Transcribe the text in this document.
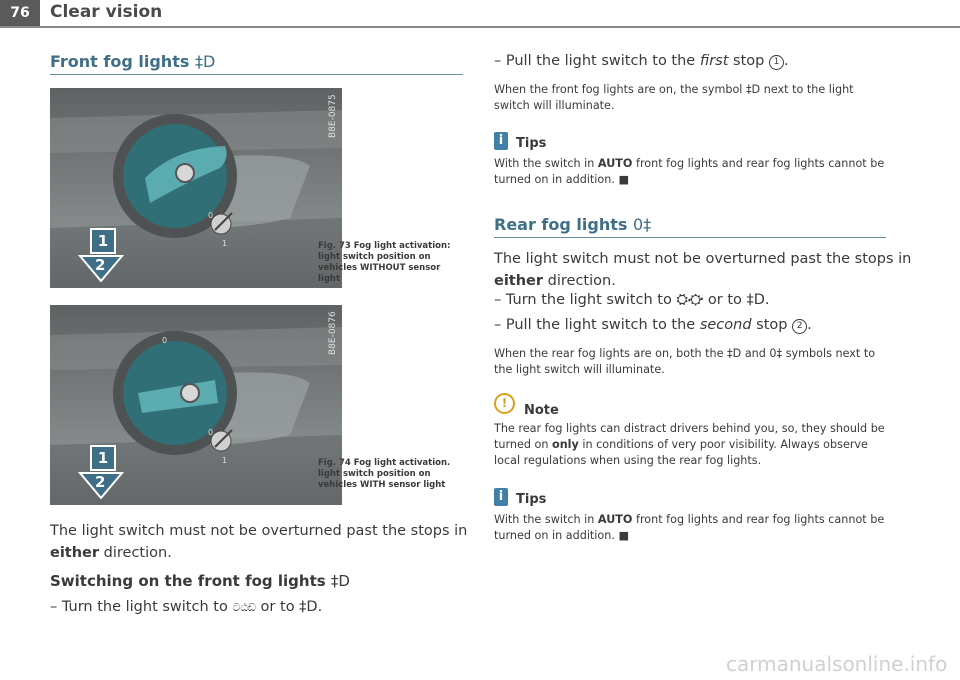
76	Clear vision
Front fog lights ‡D
0
1
1
2
B8E-0875
Fig. 73 Fog light activation: light switch position on vehicles WITHOUT sensor light
0
0
1
1
2
B8E-0876
Fig. 74 Fog light activation. light switch position on vehicles WITH sensor light
The light switch must not be overturned past the stops in
either direction.
Switching on the front fog lights ‡D
– Turn the light switch to ටඨඩ or to ‡D.
– Pull the light switch to the first stop 1 .
When the front fog lights are on, the symbol ‡D next to the light switch will illuminate.
i Tips
With the switch in AUTO front fog lights and rear fog lights cannot be turned on in addition. ■
Rear fog lights 0‡
The light switch must not be overturned past the stops in
either direction.
– Turn the light switch to ⛭⛮ or to ‡D.
– Pull the light switch to the second stop 2 .
When the rear fog lights are on, both the ‡D and 0‡ symbols next to the light switch will illuminate.
!	Note
The rear fog lights can distract drivers behind you, so, they should be turned on only in conditions of very poor visibility. Always observe local regulations when using the rear fog lights.
i Tips
With the switch in AUTO front fog lights and rear fog lights cannot be turned on in addition. ■
carmanualsonline.info
